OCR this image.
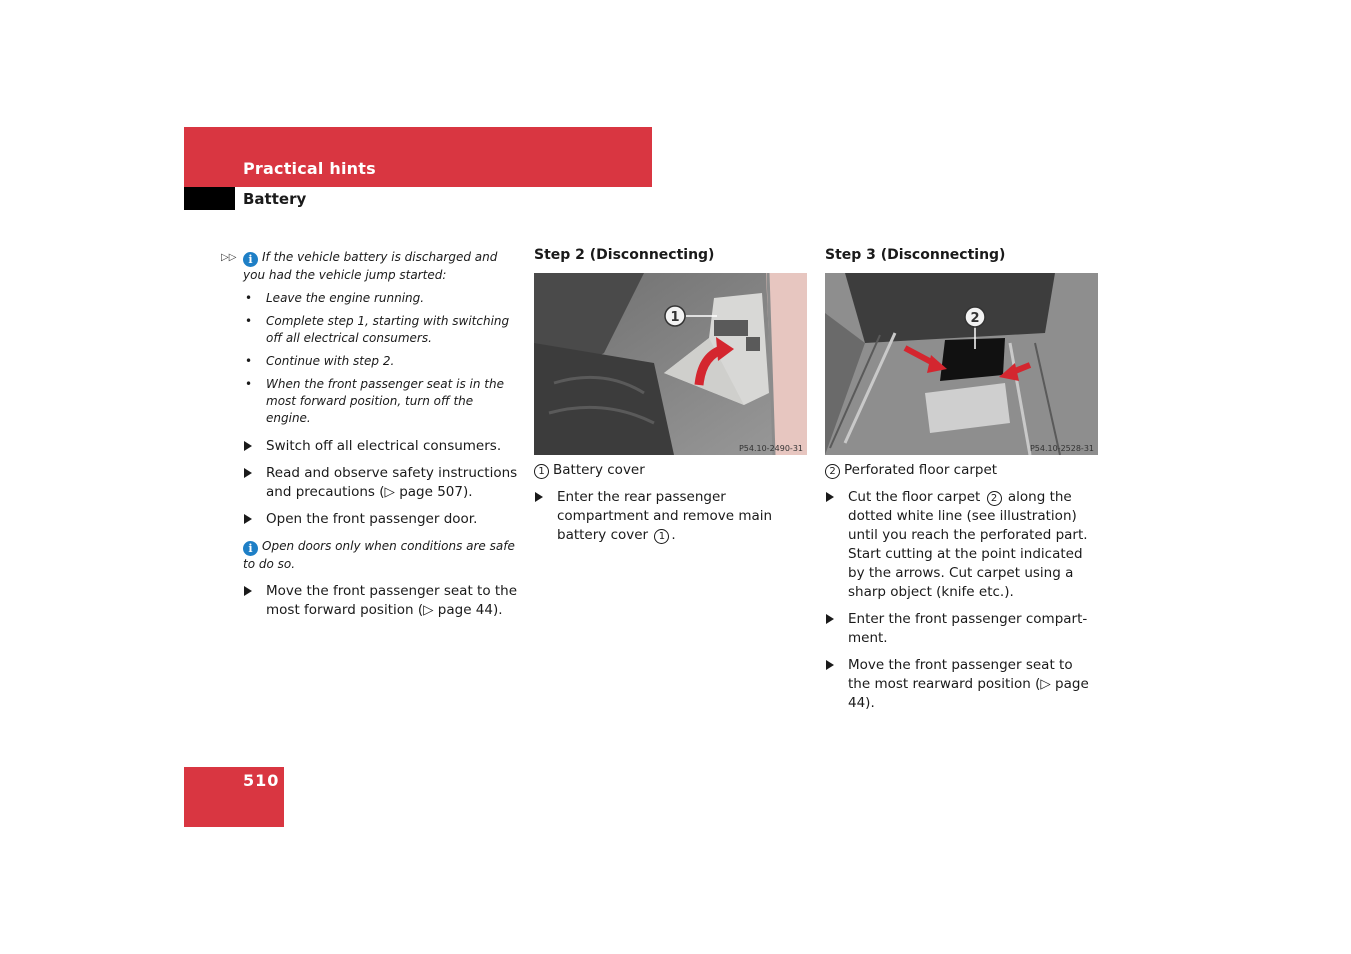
Practical hints
Battery
▷▷ i If the vehicle battery is discharged and you had the vehicle jump started:
• Leave the engine running.
• Complete step 1, starting with switching off all electrical consumers.
• Continue with step 2.
• When the front passenger seat is in the most forward position, turn off the engine.
Switch off all electrical consumers.
Read and observe safety instructions and precautions (▷ page 507).
Open the front passenger door.
i Open doors only when conditions are safe to do so.
Move the front passenger seat to the most forward position (▷ page 44).
Step 2 (Disconnecting)
1
P54.10-2490-31
1 Battery cover
Enter the rear passenger compartment and remove main battery cover 1 .
Step 3 (Disconnecting)
2
P54.10-2528-31
2 Perforated floor carpet
Cut the floor carpet 2 along the dotted white line (see illustration) until you reach the perforated part. Start cutting at the point indicated by the arrows. Cut carpet using a sharp object (knife etc.).
Enter the front passenger compart-ment.
Move the front passenger seat to the most rearward position (▷ page 44).
510
